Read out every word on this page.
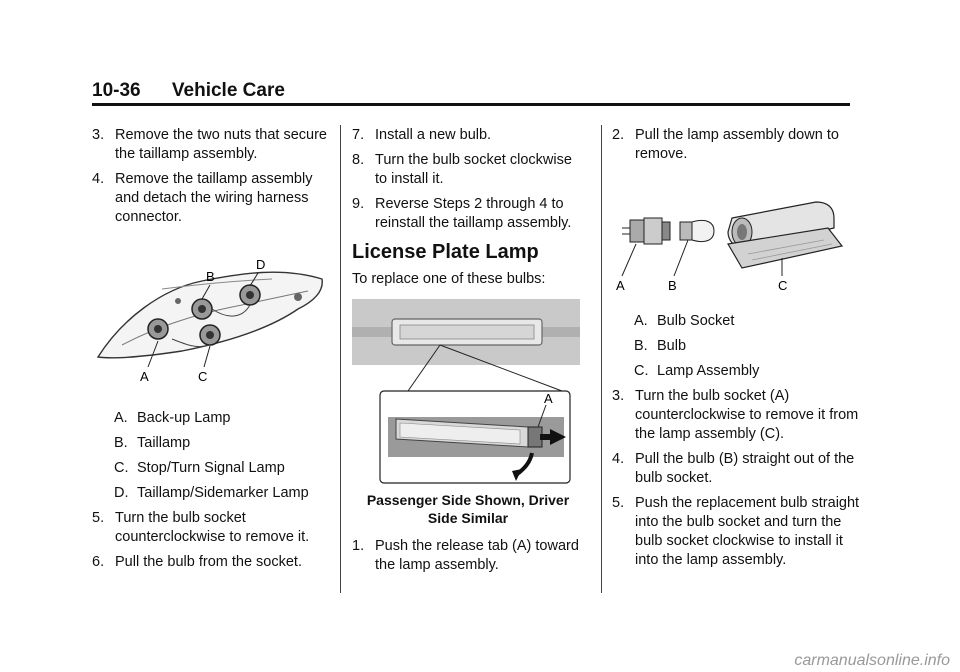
10-36 Vehicle Care
3. Remove the two nuts that secure the taillamp assembly.
4. Remove the taillamp assembly and detach the wiring harness connector.
A	C
B
D
A. Back-up Lamp
B. Taillamp
C. Stop/Turn Signal Lamp
D. Taillamp/Sidemarker Lamp
5. Turn the bulb socket counterclockwise to remove it.
6. Pull the bulb from the socket.
7. Install a new bulb.
8. Turn the bulb socket clockwise to install it.
9. Reverse Steps 2 through 4 to reinstall the taillamp assembly.
License Plate Lamp
To replace one of these bulbs:
A
Passenger Side Shown, Driver Side Similar
1. Push the release tab (A) toward the lamp assembly.
2. Pull the lamp assembly down to remove.
A	B	C
A. Bulb Socket
B. Bulb
C. Lamp Assembly
3. Turn the bulb socket (A) counterclockwise to remove it from the lamp assembly (C).
4. Pull the bulb (B) straight out of the bulb socket.
5. Push the replacement bulb straight into the bulb socket and turn the bulb socket clockwise to install it into the lamp assembly.
carmanualsonline.info
